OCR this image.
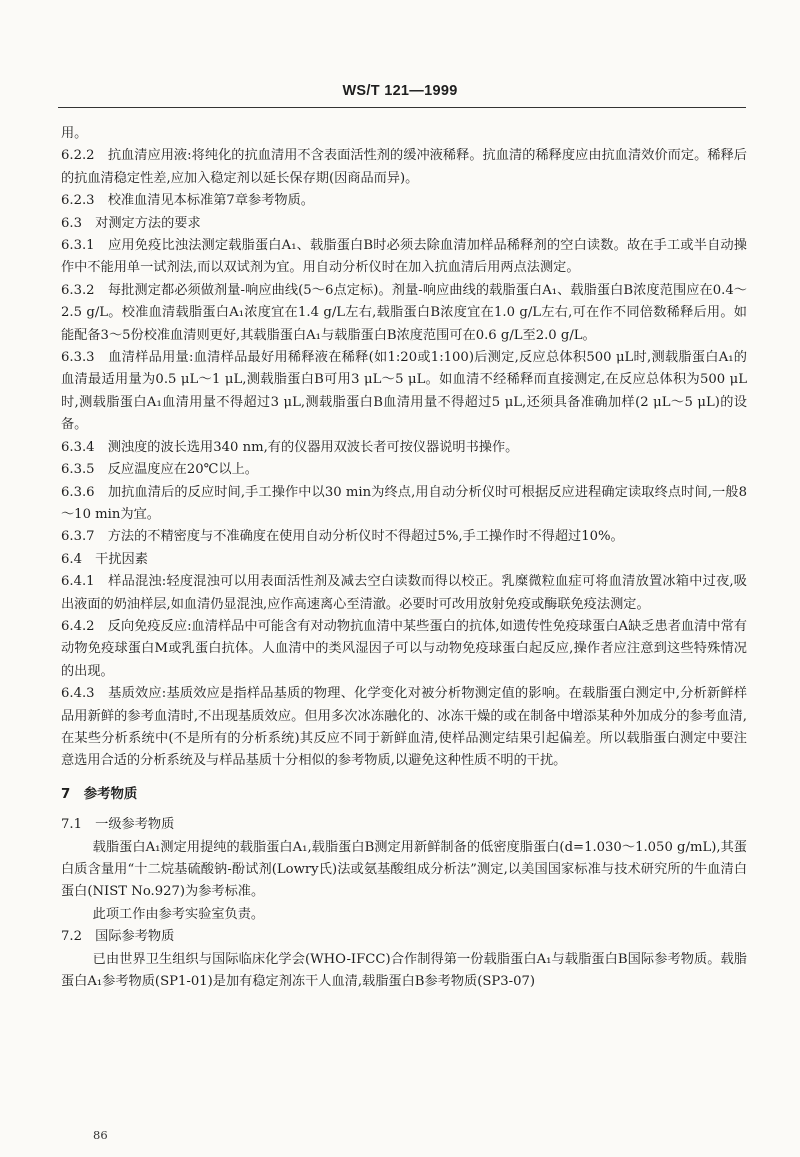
WS/T 121—1999

用。

6.2.2　抗血清应用液:将纯化的抗血清用不含表面活性剂的缓冲液稀释。抗血清的稀释度应由抗血清效价而定。稀释后的抗血清稳定性差,应加入稳定剂以延长保存期(因商品而异)。

6.2.3　校准血清见本标准第7章参考物质。

6.3　对测定方法的要求

6.3.1　应用免疫比浊法测定载脂蛋白A₁、载脂蛋白B时必须去除血清加样品稀释剂的空白读数。故在手工或半自动操作中不能用单一试剂法,而以双试剂为宜。用自动分析仪时在加入抗血清后用两点法测定。

6.3.2　每批测定都必须做剂量-响应曲线(5～6点定标)。剂量-响应曲线的载脂蛋白A₁、载脂蛋白B浓度范围应在0.4～2.5 g/L。校准血清载脂蛋白A₁浓度宜在1.4 g/L左右,载脂蛋白B浓度宜在1.0 g/L左右,可在作不同倍数稀释后用。如能配备3～5份校准血清则更好,其载脂蛋白A₁与载脂蛋白B浓度范围可在0.6 g/L至2.0 g/L。

6.3.3　血清样品用量:血清样品最好用稀释液在稀释(如1:20或1:100)后测定,反应总体积500 μL时,测载脂蛋白A₁的血清最适用量为0.5 μL～1 μL,测载脂蛋白B可用3 μL～5 μL。如血清不经稀释而直接测定,在反应总体积为500 μL时,测载脂蛋白A₁血清用量不得超过3 μL,测载脂蛋白B血清用量不得超过5 μL,还须具备准确加样(2 μL～5 μL)的设备。

6.3.4　测浊度的波长选用340 nm,有的仪器用双波长者可按仪器说明书操作。

6.3.5　反应温度应在20℃以上。

6.3.6　加抗血清后的反应时间,手工操作中以30 min为终点,用自动分析仪时可根据反应进程确定读取终点时间,一般8～10 min为宜。

6.3.7　方法的不精密度与不准确度在使用自动分析仪时不得超过5%,手工操作时不得超过10%。

6.4　干扰因素

6.4.1　样品混浊:轻度混浊可以用表面活性剂及减去空白读数而得以校正。乳糜微粒血症可将血清放置冰箱中过夜,吸出液面的奶油样层,如血清仍显混浊,应作高速离心至清澈。必要时可改用放射免疫或酶联免疫法测定。

6.4.2　反向免疫反应:血清样品中可能含有对动物抗血清中某些蛋白的抗体,如遗传性免疫球蛋白A缺乏患者血清中常有动物免疫球蛋白M或乳蛋白抗体。人血清中的类风湿因子可以与动物免疫球蛋白起反应,操作者应注意到这些特殊情况的出现。

6.4.3　基质效应:基质效应是指样品基质的物理、化学变化对被分析物测定值的影响。在载脂蛋白测定中,分析新鲜样品用新鲜的参考血清时,不出现基质效应。但用多次冰冻融化的、冰冻干燥的或在制备中增添某种外加成分的参考血清,在某些分析系统中(不是所有的分析系统)其反应不同于新鲜血清,使样品测定结果引起偏差。所以载脂蛋白测定中要注意选用合适的分析系统及与样品基质十分相似的参考物质,以避免这种性质不明的干扰。

7　参考物质

7.1　一级参考物质

载脂蛋白A₁测定用提纯的载脂蛋白A₁,载脂蛋白B测定用新鲜制备的低密度脂蛋白(d=1.030～1.050 g/mL),其蛋白质含量用“十二烷基硫酸钠-酚试剂(Lowry氏)法或氨基酸组成分析法”测定,以美国国家标准与技术研究所的牛血清白蛋白(NIST No.927)为参考标准。

此项工作由参考实验室负责。

7.2　国际参考物质

已由世界卫生组织与国际临床化学会(WHO-IFCC)合作制得第一份载脂蛋白A₁与载脂蛋白B国际参考物质。载脂蛋白A₁参考物质(SP1-01)是加有稳定剂冻干人血清,载脂蛋白B参考物质(SP3-07)

86
